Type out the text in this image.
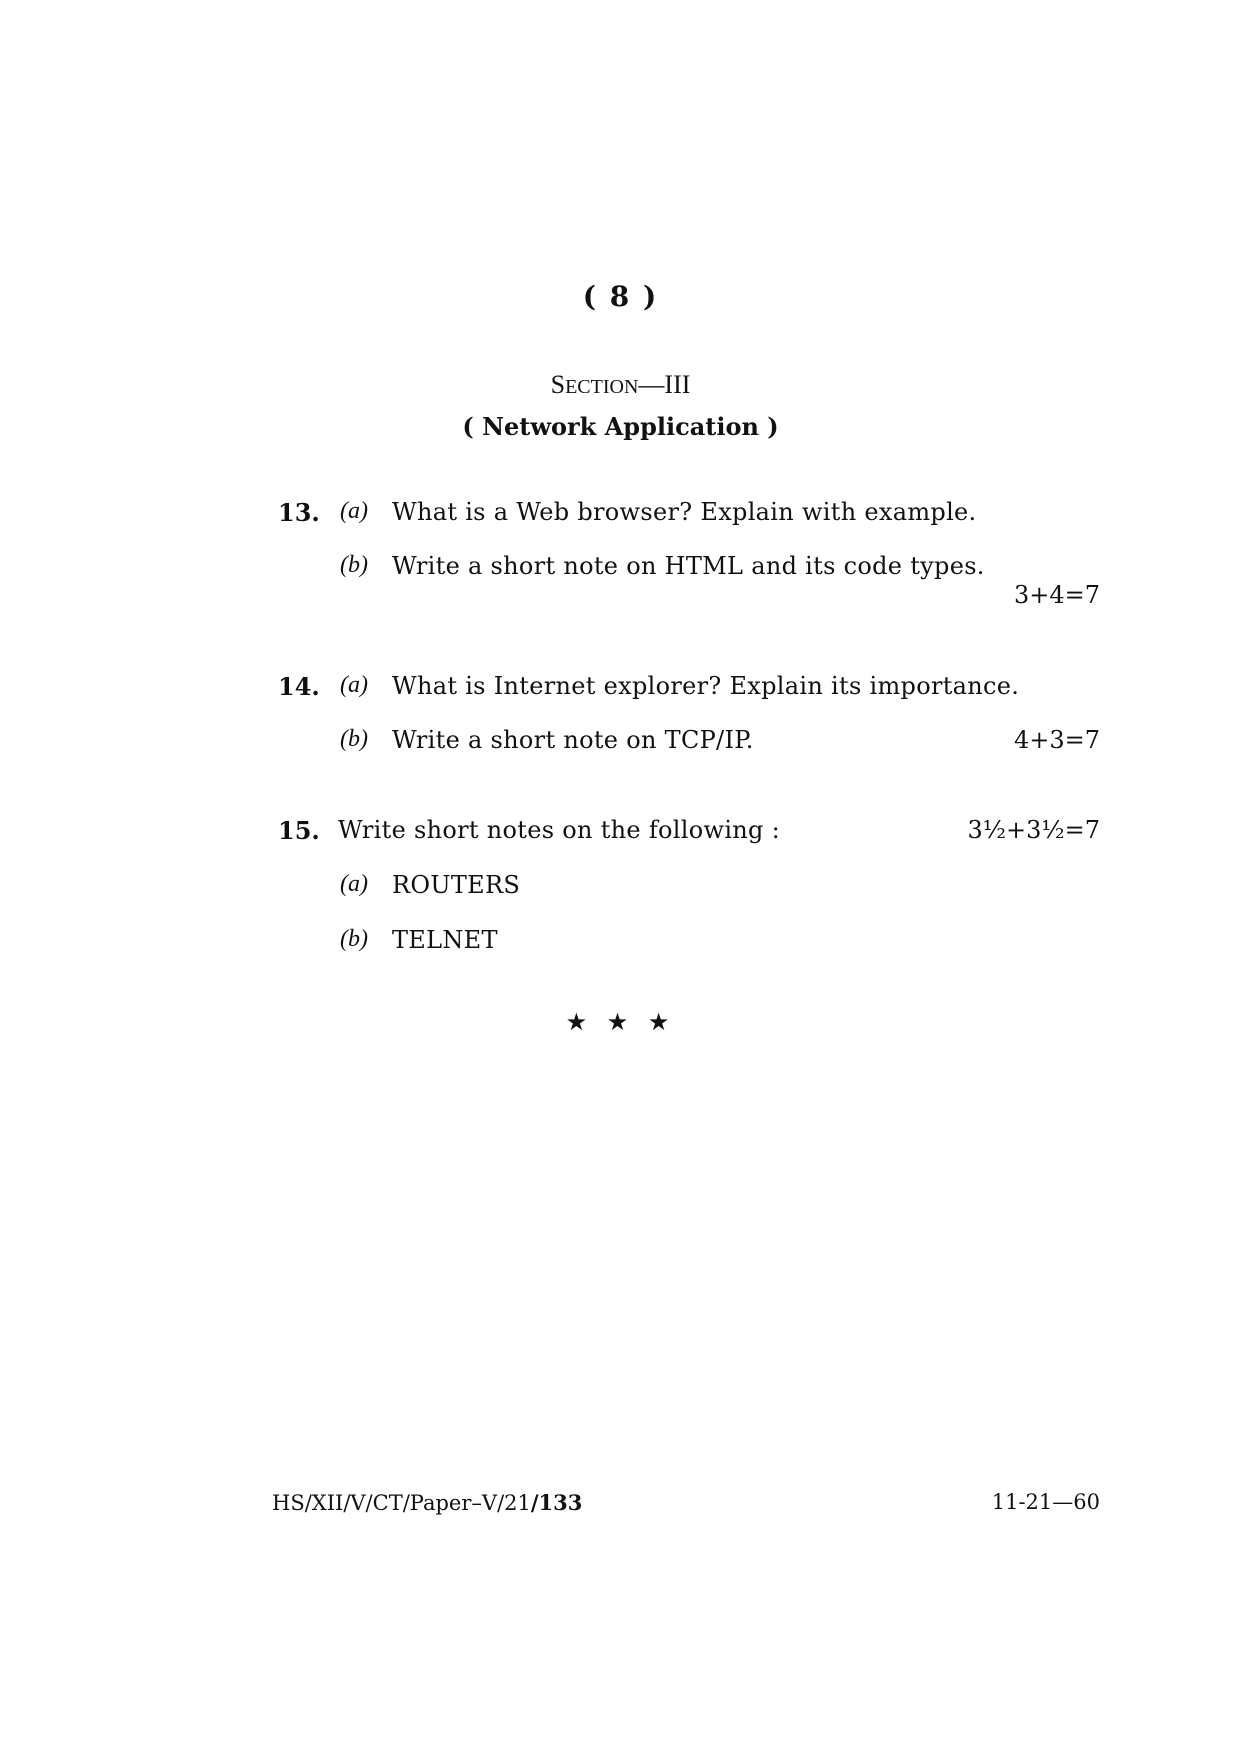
( 8 )
SECTION—III
( Network Application )
13. (a) What is a Web browser? Explain with example.
(b) Write a short note on HTML and its code types.
3+4=7
14. (a) What is Internet explorer? Explain its importance.
(b) Write a short note on TCP/IP.	4+3=7
15. Write short notes on the following :	3½+3½=7
(a) ROUTERS
(b) TELNET
★ ★ ★
HS/XII/V/CT/Paper–V/21/133	11-21—60
